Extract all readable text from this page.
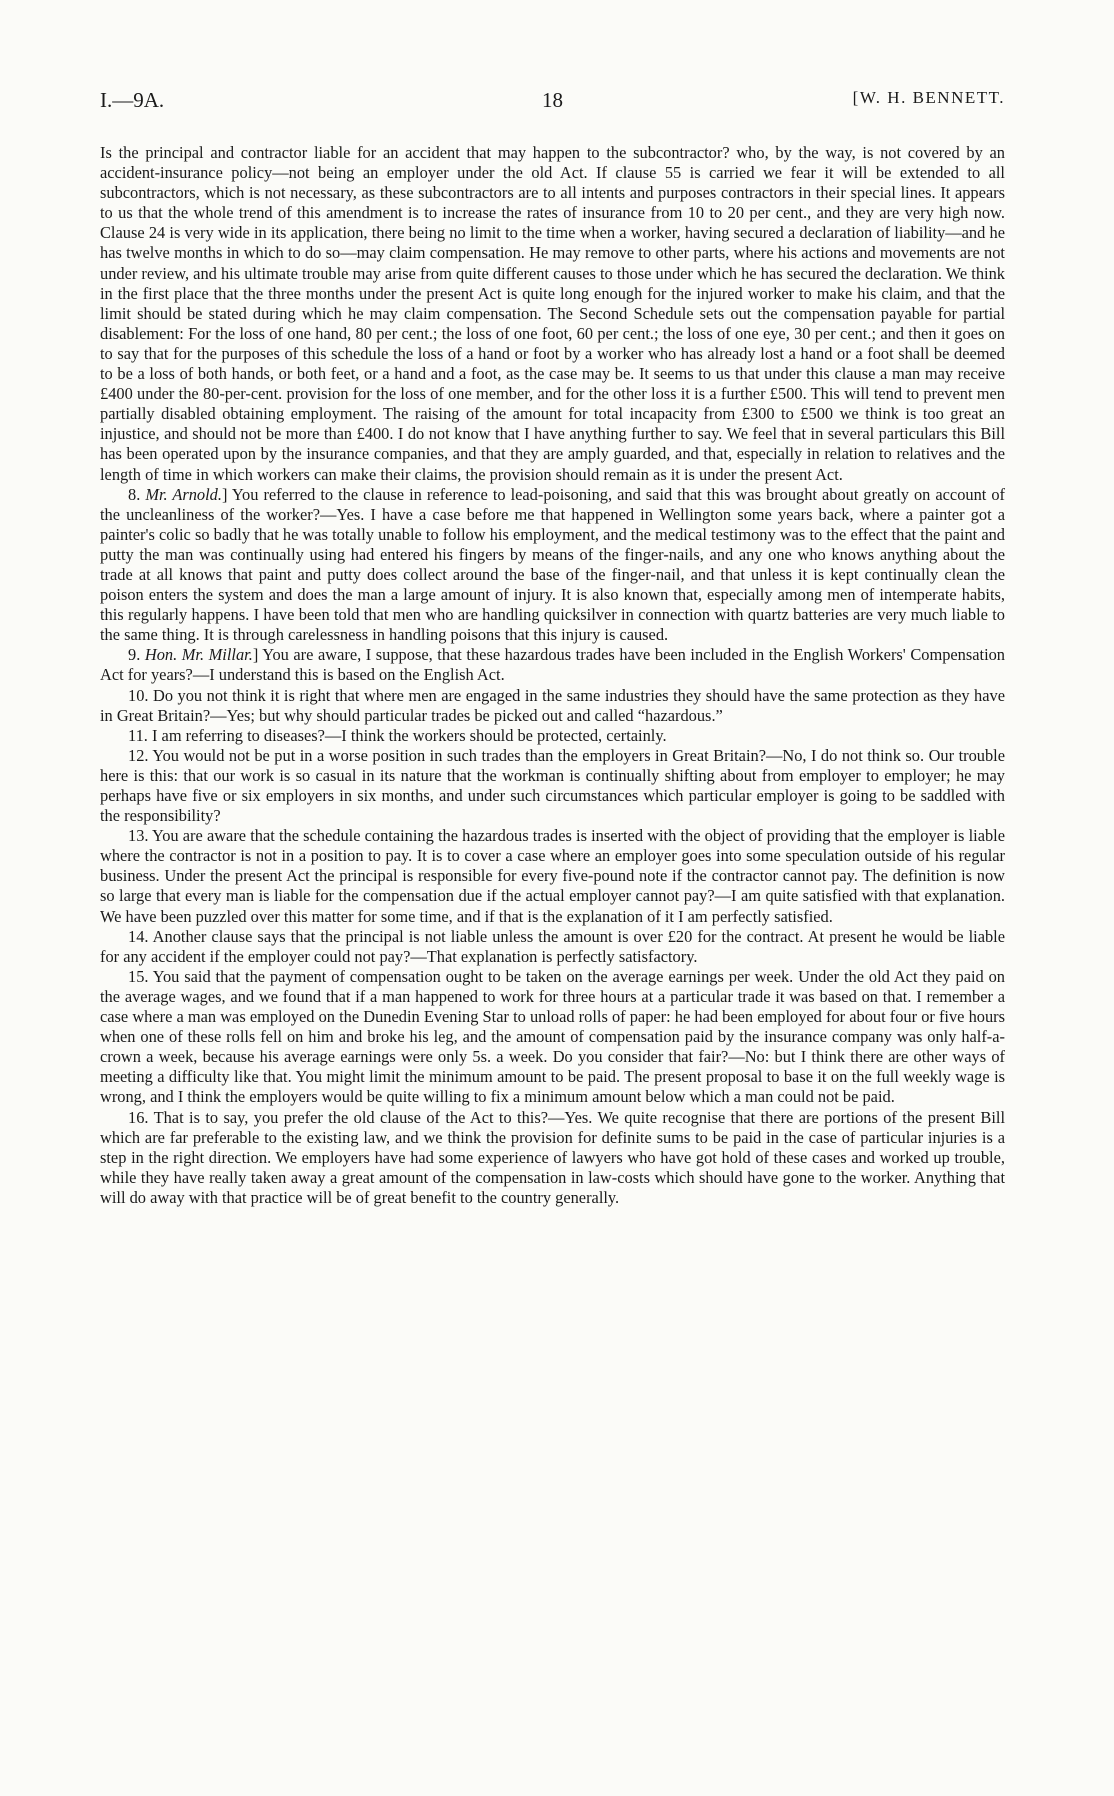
I.—9A.	18	[W. H. BENNETT.

Is the principal and contractor liable for an accident that may happen to the subcontractor? who, by the way, is not covered by an accident-insurance policy—not being an employer under the old Act. If clause 55 is carried we fear it will be extended to all subcontractors, which is not necessary, as these subcontractors are to all intents and purposes contractors in their special lines. It appears to us that the whole trend of this amendment is to increase the rates of insurance from 10 to 20 per cent., and they are very high now. Clause 24 is very wide in its application, there being no limit to the time when a worker, having secured a declaration of liability—and he has twelve months in which to do so—may claim compensation. He may remove to other parts, where his actions and movements are not under review, and his ultimate trouble may arise from quite different causes to those under which he has secured the declaration. We think in the first place that the three months under the present Act is quite long enough for the injured worker to make his claim, and that the limit should be stated during which he may claim compensation. The Second Schedule sets out the compensation payable for partial disablement: For the loss of one hand, 80 per cent.; the loss of one foot, 60 per cent.; the loss of one eye, 30 per cent.; and then it goes on to say that for the purposes of this schedule the loss of a hand or foot by a worker who has already lost a hand or a foot shall be deemed to be a loss of both hands, or both feet, or a hand and a foot, as the case may be. It seems to us that under this clause a man may receive £400 under the 80-per-cent. provision for the loss of one member, and for the other loss it is a further £500. This will tend to prevent men partially disabled obtaining employment. The raising of the amount for total incapacity from £300 to £500 we think is too great an injustice, and should not be more than £400. I do not know that I have anything further to say. We feel that in several particulars this Bill has been operated upon by the insurance companies, and that they are amply guarded, and that, especially in relation to relatives and the length of time in which workers can make their claims, the provision should remain as it is under the present Act.

8. Mr. Arnold.] You referred to the clause in reference to lead-poisoning, and said that this was brought about greatly on account of the uncleanliness of the worker?—Yes. I have a case before me that happened in Wellington some years back, where a painter got a painter's colic so badly that he was totally unable to follow his employment, and the medical testimony was to the effect that the paint and putty the man was continually using had entered his fingers by means of the finger-nails, and any one who knows anything about the trade at all knows that paint and putty does collect around the base of the finger-nail, and that unless it is kept continually clean the poison enters the system and does the man a large amount of injury. It is also known that, especially among men of intemperate habits, this regularly happens. I have been told that men who are handling quicksilver in connection with quartz batteries are very much liable to the same thing. It is through carelessness in handling poisons that this injury is caused.

9. Hon. Mr. Millar.] You are aware, I suppose, that these hazardous trades have been included in the English Workers' Compensation Act for years?—I understand this is based on the English Act.

10. Do you not think it is right that where men are engaged in the same industries they should have the same protection as they have in Great Britain?—Yes; but why should particular trades be picked out and called “hazardous.”

11. I am referring to diseases?—I think the workers should be protected, certainly.

12. You would not be put in a worse position in such trades than the employers in Great Britain?—No, I do not think so. Our trouble here is this: that our work is so casual in its nature that the workman is continually shifting about from employer to employer; he may perhaps have five or six employers in six months, and under such circumstances which particular employer is going to be saddled with the responsibility?

13. You are aware that the schedule containing the hazardous trades is inserted with the object of providing that the employer is liable where the contractor is not in a position to pay. It is to cover a case where an employer goes into some speculation outside of his regular business. Under the present Act the principal is responsible for every five-pound note if the contractor cannot pay. The definition is now so large that every man is liable for the compensation due if the actual employer cannot pay?—I am quite satisfied with that explanation. We have been puzzled over this matter for some time, and if that is the explanation of it I am perfectly satisfied.

14. Another clause says that the principal is not liable unless the amount is over £20 for the contract. At present he would be liable for any accident if the employer could not pay?—That explanation is perfectly satisfactory.

15. You said that the payment of compensation ought to be taken on the average earnings per week. Under the old Act they paid on the average wages, and we found that if a man happened to work for three hours at a particular trade it was based on that. I remember a case where a man was employed on the Dunedin Evening Star to unload rolls of paper: he had been employed for about four or five hours when one of these rolls fell on him and broke his leg, and the amount of compensation paid by the insurance company was only half-a-crown a week, because his average earnings were only 5s. a week. Do you consider that fair?—No: but I think there are other ways of meeting a difficulty like that. You might limit the minimum amount to be paid. The present proposal to base it on the full weekly wage is wrong, and I think the employers would be quite willing to fix a minimum amount below which a man could not be paid.

16. That is to say, you prefer the old clause of the Act to this?—Yes. We quite recognise that there are portions of the present Bill which are far preferable to the existing law, and we think the provision for definite sums to be paid in the case of particular injuries is a step in the right direction. We employers have had some experience of lawyers who have got hold of these cases and worked up trouble, while they have really taken away a great amount of the compensation in law-costs which should have gone to the worker. Anything that will do away with that practice will be of great benefit to the country generally.
